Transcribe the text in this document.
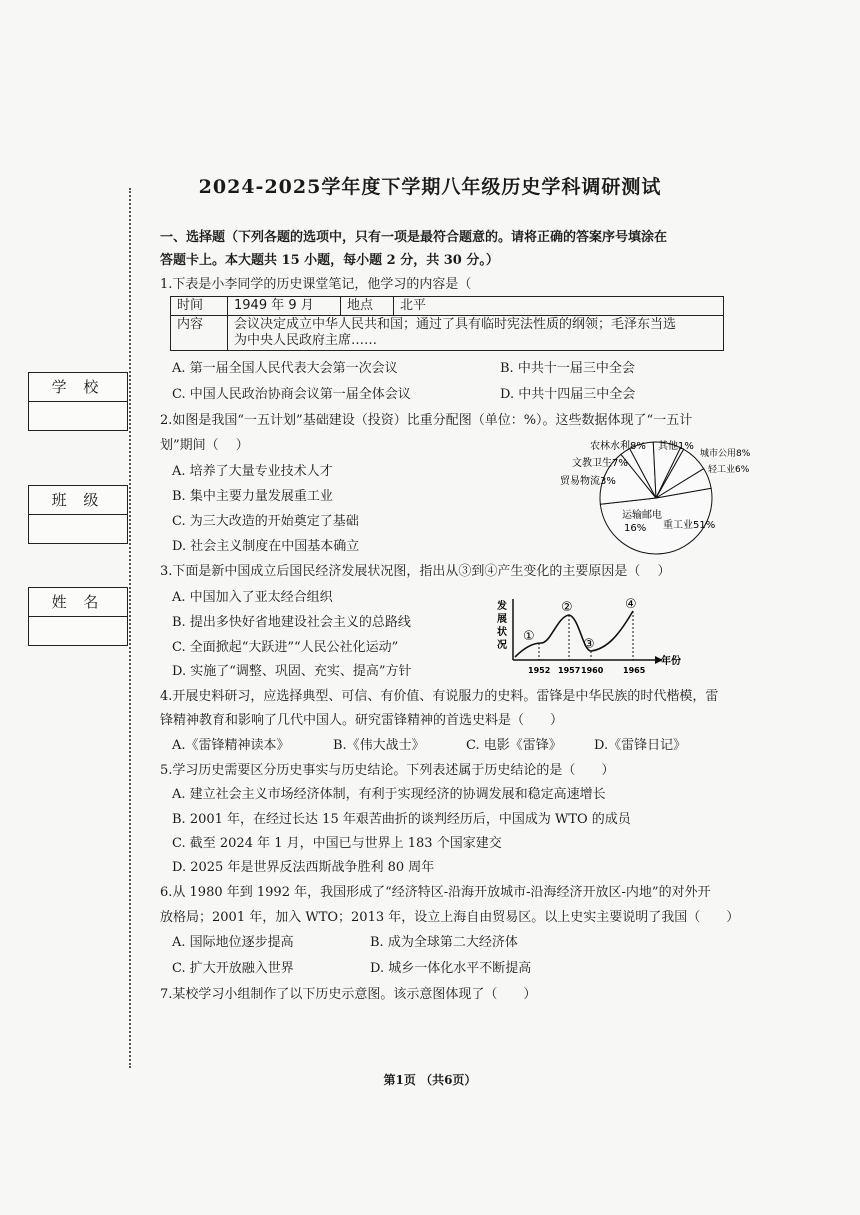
2024-2025学年度下学期八年级历史学科调研测试
学 校
班 级
姓 名
一、选择题（下列各题的选项中，只有一项是最符合题意的。请将正确的答案序号填涂在
答题卡上。本大题共 15 小题，每小题 2 分，共 30 分。）
1.下表是小李同学的历史课堂笔记，他学习的内容是（
时间	1949 年 9 月	地点	北平
内容	会议决定成立中华人民共和国；通过了具有临时宪法性质的纲领；毛泽东当选
为中央人民政府主席……		
A. 第一届全国人民代表大会第一次会议	B. 中共十一届三中全会
C. 中国人民政治协商会议第一届全体会议	D. 中共十四届三中全会
2.如图是我国“一五计划”基础建设（投资）比重分配图（单位：%）。这些数据体现了“一五计
划”期间（　 ）
A. 培养了大量专业技术人才
B. 集中主要力量发展重工业
C. 为三大改造的开始奠定了基础
D. 社会主义制度在中国基本确立
运输邮电
16% 重工业51%
贸易物流3%
文教卫生7%
农林水利8% 其他1%
城市公用8%
轻工业6%
3.下面是新中国成立后国民经济发展状况图，指出从③到④产生变化的主要原因是（　 ）
A. 中国加入了亚太经合组织
B. 提出多快好省地建设社会主义的总路线
C. 全面掀起“大跃进”“人民公社化运动”
D. 实施了“调整、巩固、充实、提高”方针
发
展
状
况
①
②
③
④
1952 1957 1960 1965
年份
4.开展史料研习，应选择典型、可信、有价值、有说服力的史料。雷锋是中华民族的时代楷模，雷
锋精神教育和影响了几代中国人。研究雷锋精神的首选史料是（　　）
A.《雷锋精神读本》	B.《伟大战士》	C. 电影《雷锋》 D.《雷锋日记》
5.学习历史需要区分历史事实与历史结论。下列表述属于历史结论的是（　　）
A. 建立社会主义市场经济体制，有利于实现经济的协调发展和稳定高速增长
B. 2001 年，在经过长达 15 年艰苦曲折的谈判经历后，中国成为 WTO 的成员
C. 截至 2024 年 1 月，中国已与世界上 183 个国家建交
D. 2025 年是世界反法西斯战争胜利 80 周年
6.从 1980 年到 1992 年，我国形成了“经济特区-沿海开放城市-沿海经济开放区-内地”的对外开
放格局；2001 年，加入 WTO；2013 年，设立上海自由贸易区。以上史实主要说明了我国（　　）
A. 国际地位逐步提高	B. 成为全球第二大经济体
C. 扩大开放融入世界	D. 城乡一体化水平不断提高
7.某校学习小组制作了以下历史示意图。该示意图体现了（　　）
第1页 （共6页）
